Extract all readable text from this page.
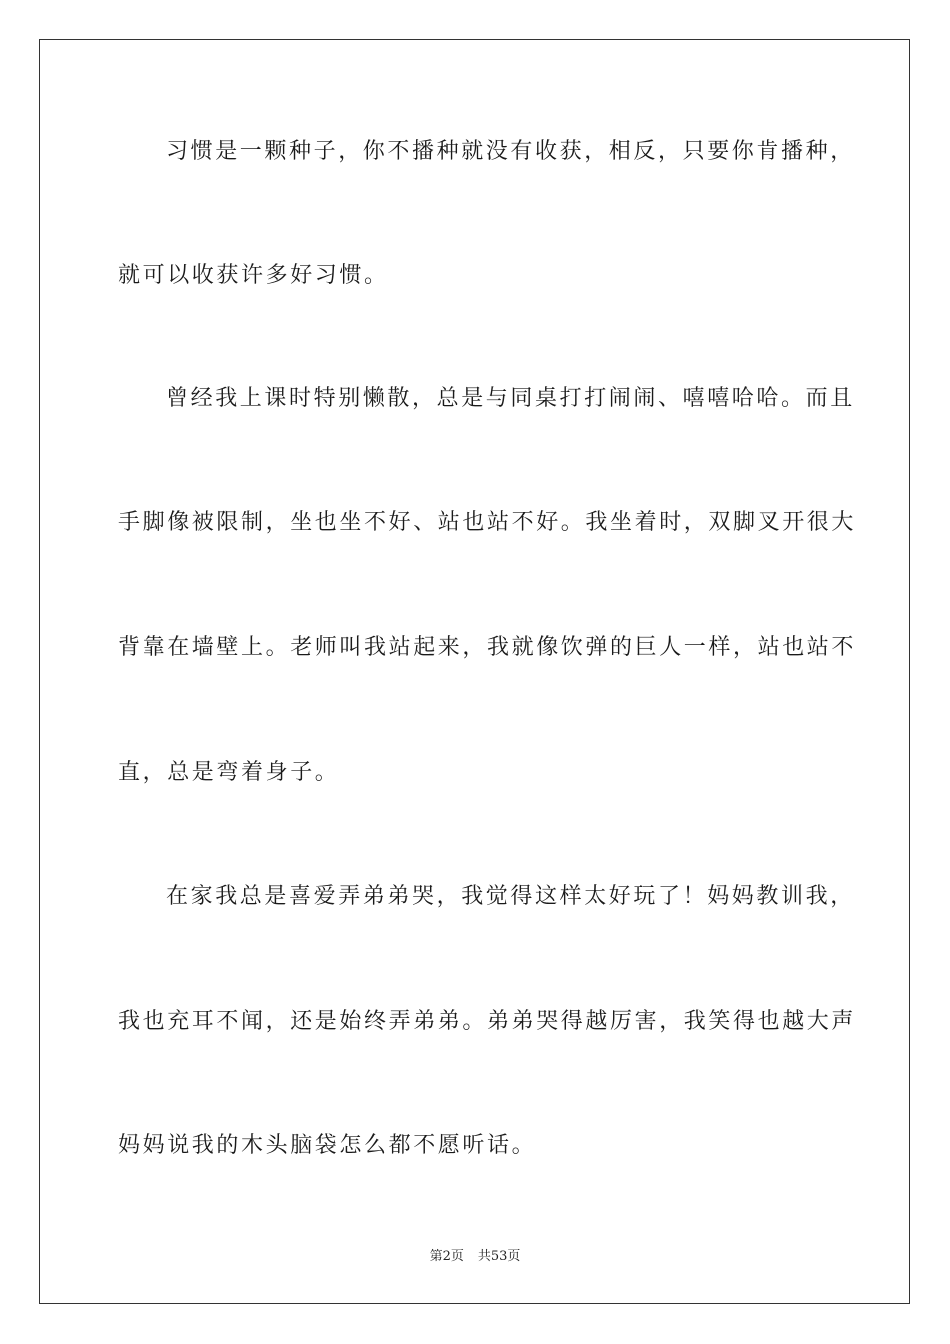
习惯是一颗种子，你不播种就没有收获，相反，只要你肯播种，
就可以收获许多好习惯。
曾经我上课时特别懒散，总是与同桌打打闹闹、嘻嘻哈哈。而且
手脚像被限制，坐也坐不好、站也站不好。我坐着时，双脚叉开很大
背靠在墙壁上。老师叫我站起来，我就像饮弹的巨人一样，站也站不
直，总是弯着身子。
在家我总是喜爱弄弟弟哭，我觉得这样太好玩了！妈妈教训我，
我也充耳不闻，还是始终弄弟弟。弟弟哭得越厉害，我笑得也越大声
妈妈说我的木头脑袋怎么都不愿听话。
第2页 共53页
